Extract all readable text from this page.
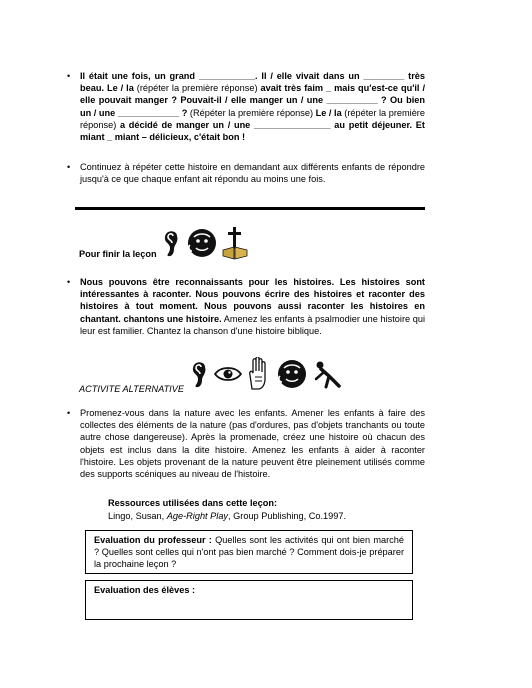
• Il était une fois, un grand ___________. Il / elle vivait dans un ________ très beau. Le / la (répéter la première réponse) avait très faim _ mais qu'est-ce qu'il / elle pouvait manger ? Pouvait-il / elle manger un / une __________ ? Ou bien un / une ____________ ? (Répéter la première réponse) Le / la (répéter la première réponse) a décidé de manger un / une _______________ au petit déjeuner. Et miant _ miant – délicieux, c'était bon !
• Continuez à répéter cette histoire en demandant aux différents enfants de répondre jusqu'à ce que chaque enfant ait répondu au moins une fois.
Pour finir la leçon
• Nous pouvons être reconnaissants pour les histoires. Les histoires sont intéressantes à raconter. Nous pouvons écrire des histoires et raconter des histoires à tout moment. Nous pouvons aussi raconter les histoires en chantant. chantons une histoire. Amenez les enfants à psalmodier une histoire qui leur est familier. Chantez la chanson d'une histoire biblique.
ACTIVITE ALTERNATIVE
• Promenez-vous dans la nature avec les enfants. Amener les enfants à faire des collectes des éléments de la nature (pas d'ordures, pas d'objets tranchants ou toute autre chose dangereuse). Après la promenade, créez une histoire où chacun des objets est inclus dans la dite histoire. Amenez les enfants à aider à raconter l'histoire. Les objets provenant de la nature peuvent être pleinement utilisés comme des supports scéniques au niveau de l'histoire.
Ressources utilisées dans cette leçon:
Lingo, Susan, Age-Right Play, Group Publishing, Co.1997.
Evaluation du professeur : Quelles sont les activités qui ont bien marché ? Quelles sont celles qui n'ont pas bien marché ? Comment dois-je préparer la prochaine leçon ?
Evaluation des élèves :
